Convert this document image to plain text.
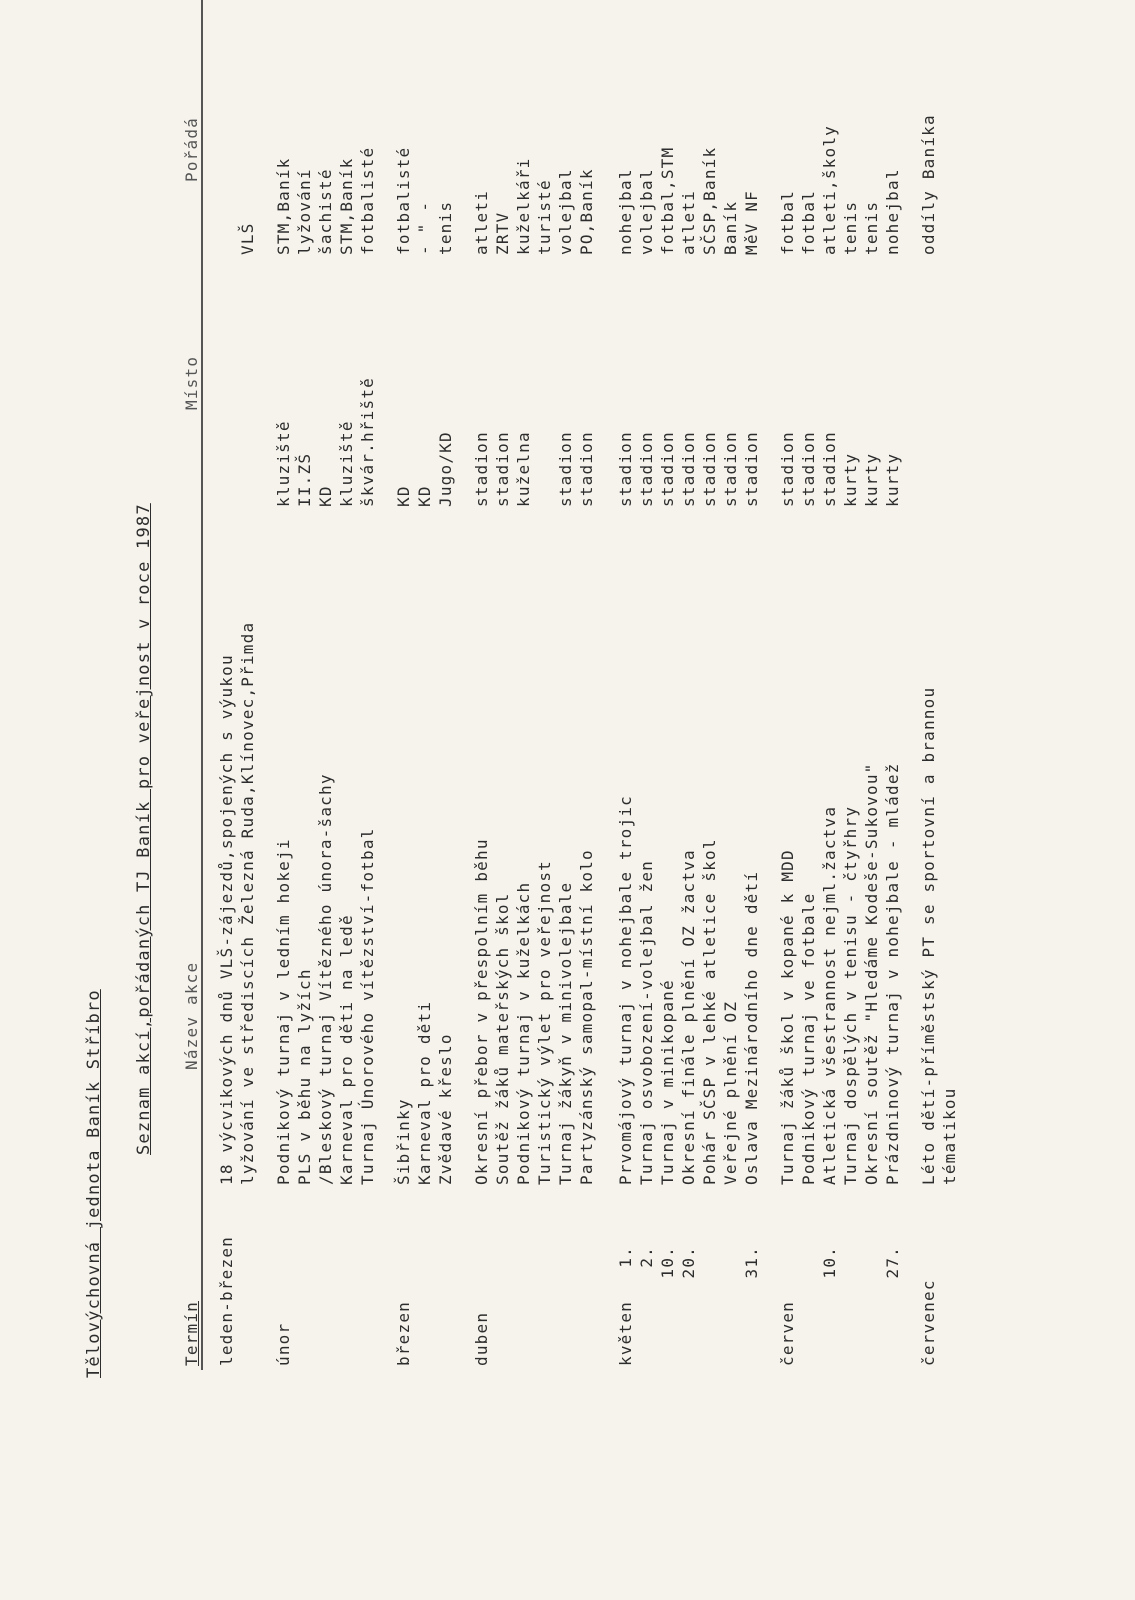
Tělovýchovná jednota Baník Stříbro
Seznam akcí,pořádaných TJ Baník pro veřejnost v roce 1987
Termín
Název akce
Místo
Pořádá
leden-březen
18 výcvikových dnů VLŠ-zájezdů,spojených s výukou lyžování ve střediscích Železná Ruda,Klínovec,Přimda
VLŠ
únor
Podnikový turnaj v ledním hokeji
kluziště
STM,Baník
PLS v běhu na lyžích
II.ZŠ
lyžování
/Bleskový turnaj Vítězného února-šachy
KD
šachisté
Karneval pro děti na ledě
kluziště
STM,Baník
Turnaj Únorového vítězství-fotbal
škvár.hřiště
fotbalisté
březen
Šibřinky
KD
fotbalisté
Karneval pro děti
KD
- " -
Zvědavé křeslo
Jugo/KD
tenis
duben
Okresní přebor v přespolním běhu
stadion
atleti
Soutěž žáků mateřských škol
stadion
ZRTV
Podnikový turnaj v kuželkách
kuželna
kuželkáři
Turistický výlet pro veřejnost
turisté
Turnaj žákyň v minivolejbale
stadion
volejbal
Partyzánský samopal-místní kolo
stadion
PO,Baník
květen
1.
Prvomájový turnaj v nohejbale trojic
stadion
nohejbal
2.
Turnaj osvobození-volejbal žen
stadion
volejbal
10.
Turnaj v minikopané
stadion
fotbal,STM
20.
Okresní finále plnění OZ žactva
stadion
atleti
Pohár SČSP v lehké atletice škol
stadion
SČSP,Baník
Veřejné plnění OZ
stadion
Baník
31.
Oslava Mezinárodního dne dětí
stadion
MěV NF
červen
Turnaj žáků škol v kopané k MDD
stadion
fotbal
Podnikový turnaj ve fotbale
stadion
fotbal
10.
Atletická všestrannost nejml.žactva
stadion
atleti,školy
Turnaj dospělých v tenisu - čtyřhry
kurty
tenis
Okresní soutěž "Hledáme Kodeše-Sukovou"
kurty
tenis
27.
Prázdninový turnaj v nohejbale - mládež
kurty
nohejbal
červenec
Léto dětí-příměstský PT se sportovní a brannou
oddíly Baníka
tématikou
